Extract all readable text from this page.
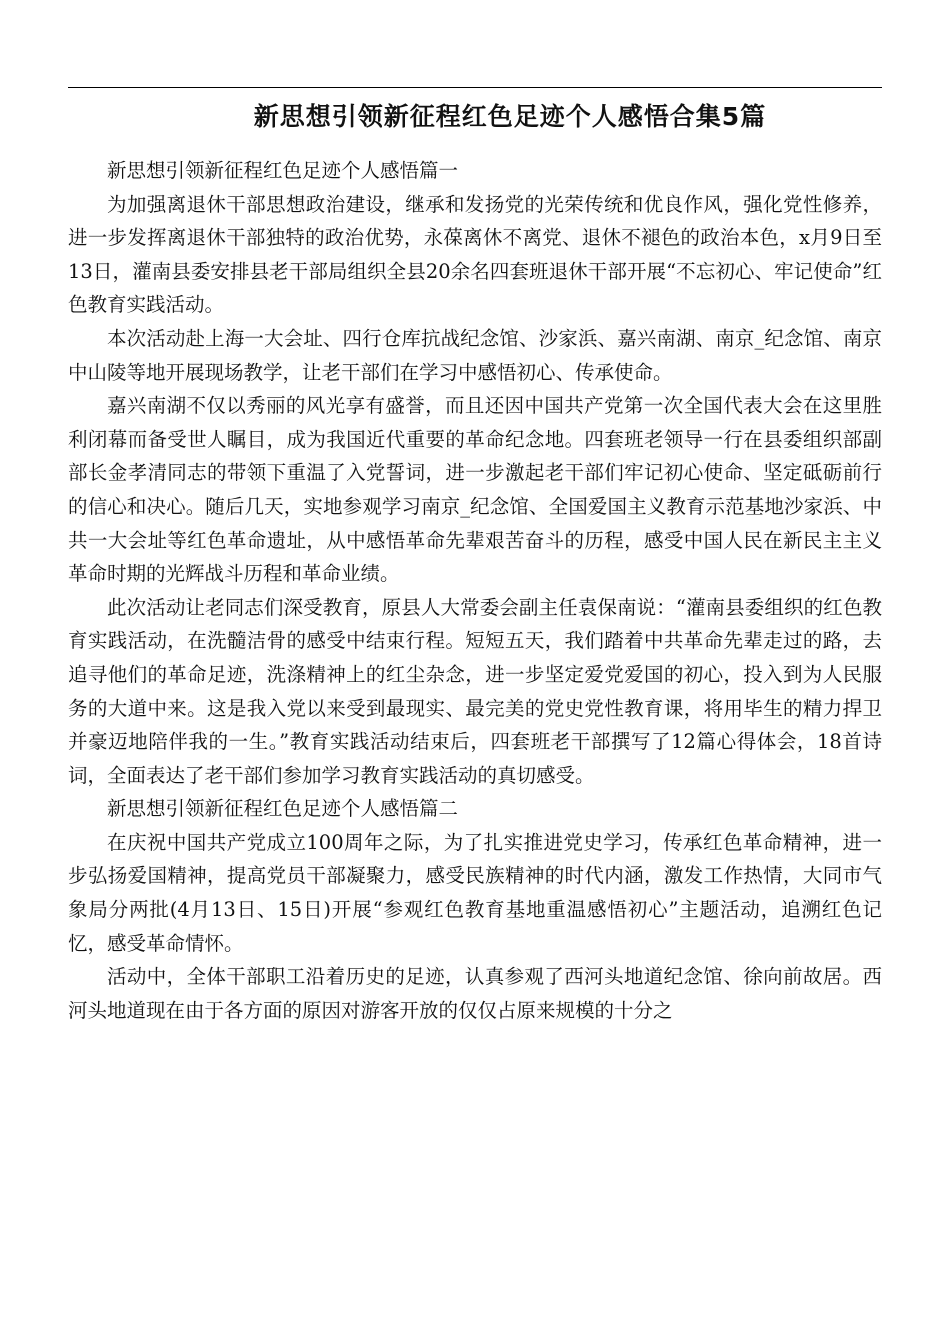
新思想引领新征程红色足迹个人感悟合集5篇

新思想引领新征程红色足迹个人感悟篇一

为加强离退休干部思想政治建设，继承和发扬党的光荣传统和优良作风，强化党性修养，进一步发挥离退休干部独特的政治优势，永葆离休不离党、退休不褪色的政治本色，x月9日至13日，灌南县委安排县老干部局组织全县20余名四套班退休干部开展“不忘初心、牢记使命”红色教育实践活动。

本次活动赴上海一大会址、四行仓库抗战纪念馆、沙家浜、嘉兴南湖、南京_纪念馆、南京中山陵等地开展现场教学，让老干部们在学习中感悟初心、传承使命。

嘉兴南湖不仅以秀丽的风光享有盛誉，而且还因中国共产党第一次全国代表大会在这里胜利闭幕而备受世人瞩目，成为我国近代重要的革命纪念地。四套班老领导一行在县委组织部副部长金孝清同志的带领下重温了入党誓词，进一步激起老干部们牢记初心使命、坚定砥砺前行的信心和决心。随后几天，实地参观学习南京_纪念馆、全国爱国主义教育示范基地沙家浜、中共一大会址等红色革命遗址，从中感悟革命先辈艰苦奋斗的历程，感受中国人民在新民主主义革命时期的光辉战斗历程和革命业绩。

此次活动让老同志们深受教育，原县人大常委会副主任袁保南说：“灌南县委组织的红色教育实践活动，在洗髓洁骨的感受中结束行程。短短五天，我们踏着中共革命先辈走过的路，去追寻他们的革命足迹，洗涤精神上的红尘杂念，进一步坚定爱党爱国的初心，投入到为人民服务的大道中来。这是我入党以来受到最现实、最完美的党史党性教育课，将用毕生的精力捍卫并豪迈地陪伴我的一生。”教育实践活动结束后，四套班老干部撰写了12篇心得体会，18首诗词，全面表达了老干部们参加学习教育实践活动的真切感受。

新思想引领新征程红色足迹个人感悟篇二

在庆祝中国共产党成立100周年之际，为了扎实推进党史学习，传承红色革命精神，进一步弘扬爱国精神，提高党员干部凝聚力，感受民族精神的时代内涵，激发工作热情，大同市气象局分两批(4月13日、15日)开展“参观红色教育基地重温感悟初心”主题活动，追溯红色记忆，感受革命情怀。

活动中，全体干部职工沿着历史的足迹，认真参观了西河头地道纪念馆、徐向前故居。西河头地道现在由于各方面的原因对游客开放的仅仅占原来规模的十分之
